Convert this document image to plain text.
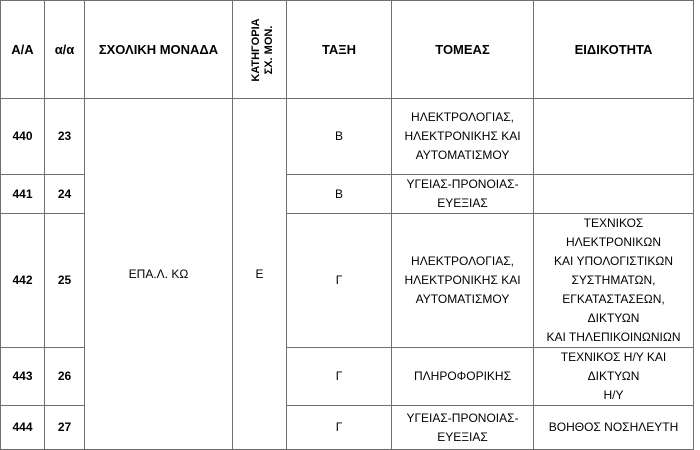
Α/Α	α/α	ΣΧΟΛΙΚΗ ΜΟΝΑΔΑ	ΚΑΤΗΓΟΡΙΑ ΣΧ. ΜΟΝ.	ΤΑΞΗ	ΤΟΜΕΑΣ	ΕΙΔΙΚΟΤΗΤΑ
440	23	ΕΠΑ.Λ. ΚΩ	Ε	Β	ΗΛΕΚΤΡΟΛΟΓΙΑΣ,
ΗΛΕΚΤΡΟΝΙΚΗΣ ΚΑΙ
ΑΥΤΟΜΑΤΙΣΜΟΥ	

441	24			Β	ΥΓΕΙΑΣ-ΠΡΟΝΟΙΑΣ-ΕΥΕΞΙΑΣ	

442	25			Γ	ΗΛΕΚΤΡΟΛΟΓΙΑΣ,
ΗΛΕΚΤΡΟΝΙΚΗΣ ΚΑΙ
ΑΥΤΟΜΑΤΙΣΜΟΥ	ΤΕΧΝΙΚΟΣ ΗΛΕΚΤΡΟΝΙΚΩΝ
ΚΑΙ ΥΠΟΛΟΓΙΣΤΙΚΩΝ
ΣΥΣΤΗΜΑΤΩΝ,
ΕΓΚΑΤΑΣΤΑΣΕΩΝ, ΔΙΚΤΥΩΝ
ΚΑΙ ΤΗΛΕΠΙΚΟΙΝΩΝΙΩΝ

443	26			Γ	ΠΛΗΡΟΦΟΡΙΚΗΣ	ΤΕΧΝΙΚΟΣ Η/Υ ΚΑΙ ΔΙΚΤΥΩΝ
Η/Υ

444	27			Γ	ΥΓΕΙΑΣ-ΠΡΟΝΟΙΑΣ-ΕΥΕΞΙΑΣ	ΒΟΗΘΟΣ ΝΟΣΗΛΕΥΤΗ
